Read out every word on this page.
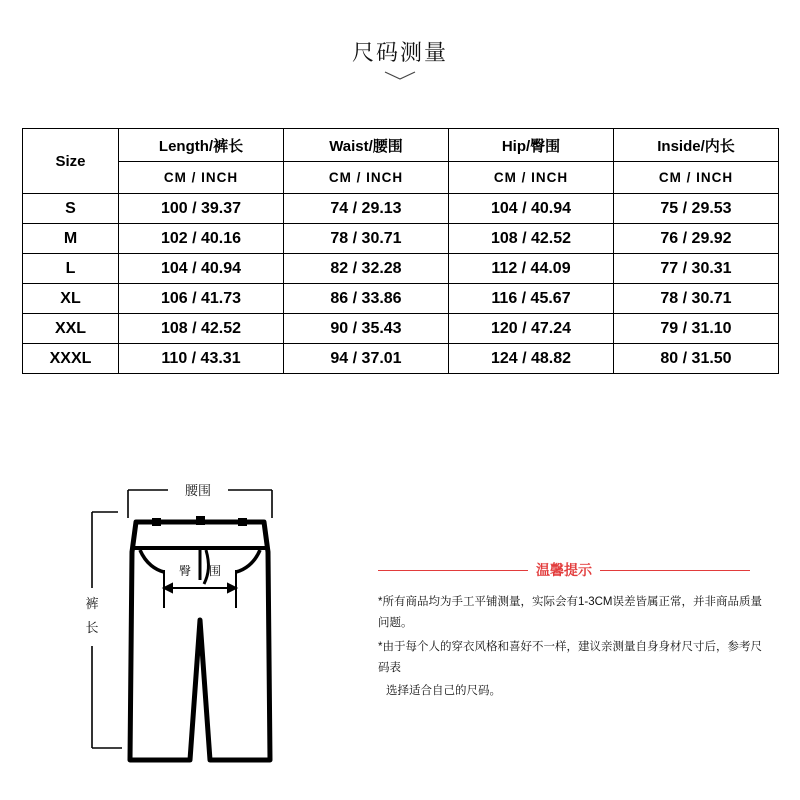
尺码测量
Size	Length/裤长	Waist/腰围	Hip/臀围	Inside/内长
	CM / INCH	CM / INCH	CM / INCH	CM / INCH
S	100 / 39.37	74 / 29.13	104 / 40.94	75 / 29.53
M	102 / 40.16	78 / 30.71	108 / 42.52	76 / 29.92
L	104 / 40.94	82 / 32.28	112 / 44.09	77 / 30.31
XL	106 / 41.73	86 / 33.86	116 / 45.67	78 / 30.71
XXL	108 / 42.52	90 / 35.43	120 / 47.24	79 / 31.10
XXXL	110 / 43.31	94 / 37.01	124 / 48.82	80 / 31.50
腰围
裤
长
臀 围	温馨提示
*所有商品均为手工平铺测量，实际会有1-3CM误差皆属正常，并非商品质量问题。
*由于每个人的穿衣风格和喜好不一样，建议亲测量自身身材尺寸后，参考尺码表
选择适合自己的尺码。
